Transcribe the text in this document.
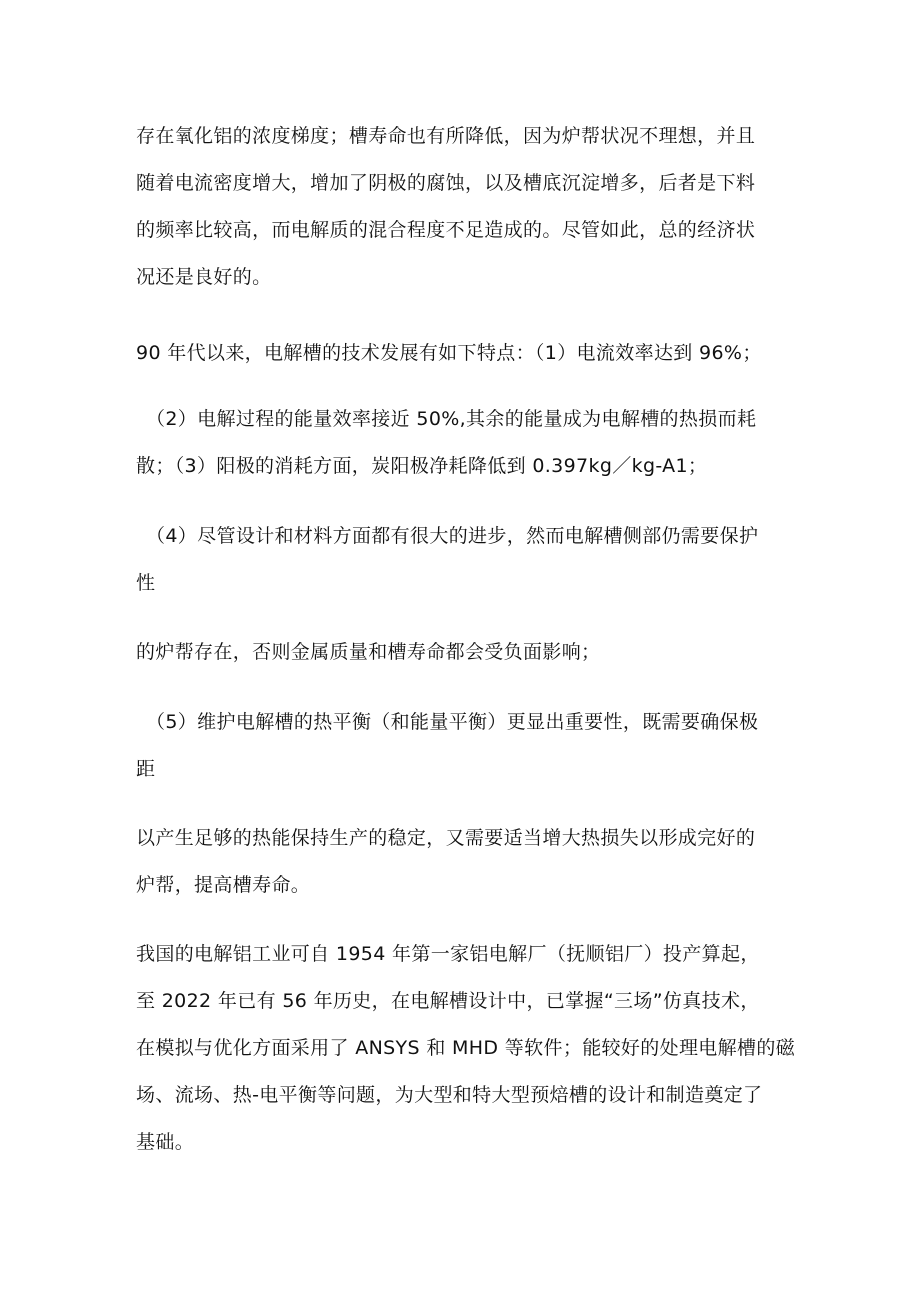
存在氧化铝的浓度梯度；槽寿命也有所降低，因为炉帮状况不理想，并且
随着电流密度增大，增加了阴极的腐蚀，以及槽底沉淀增多，后者是下料
的频率比较高，而电解质的混合程度不足造成的。尽管如此，总的经济状
况还是良好的。
90 年代以来，电解槽的技术发展有如下特点：（1）电流效率达到 96%；
（2）电解过程的能量效率接近 50%,其余的能量成为电解槽的热损而耗
散；（3）阳极的消耗方面，炭阳极净耗降低到 0.397kg／kg-A1；
（4）尽管设计和材料方面都有很大的进步，然而电解槽侧部仍需要保护
性
的炉帮存在，否则金属质量和槽寿命都会受负面影响；
（5）维护电解槽的热平衡（和能量平衡）更显出重要性，既需要确保极
距
以产生足够的热能保持生产的稳定，又需要适当增大热损失以形成完好的
炉帮，提高槽寿命。
我国的电解铝工业可自 1954 年第一家铝电解厂（抚顺铝厂）投产算起，
至 2022 年已有 56 年历史，在电解槽设计中，已掌握“三场”仿真技术，
在模拟与优化方面采用了 ANSYS 和 MHD 等软件；能较好的处理电解槽的磁
场、流场、热-电平衡等问题，为大型和特大型预焙槽的设计和制造奠定了
基础。
